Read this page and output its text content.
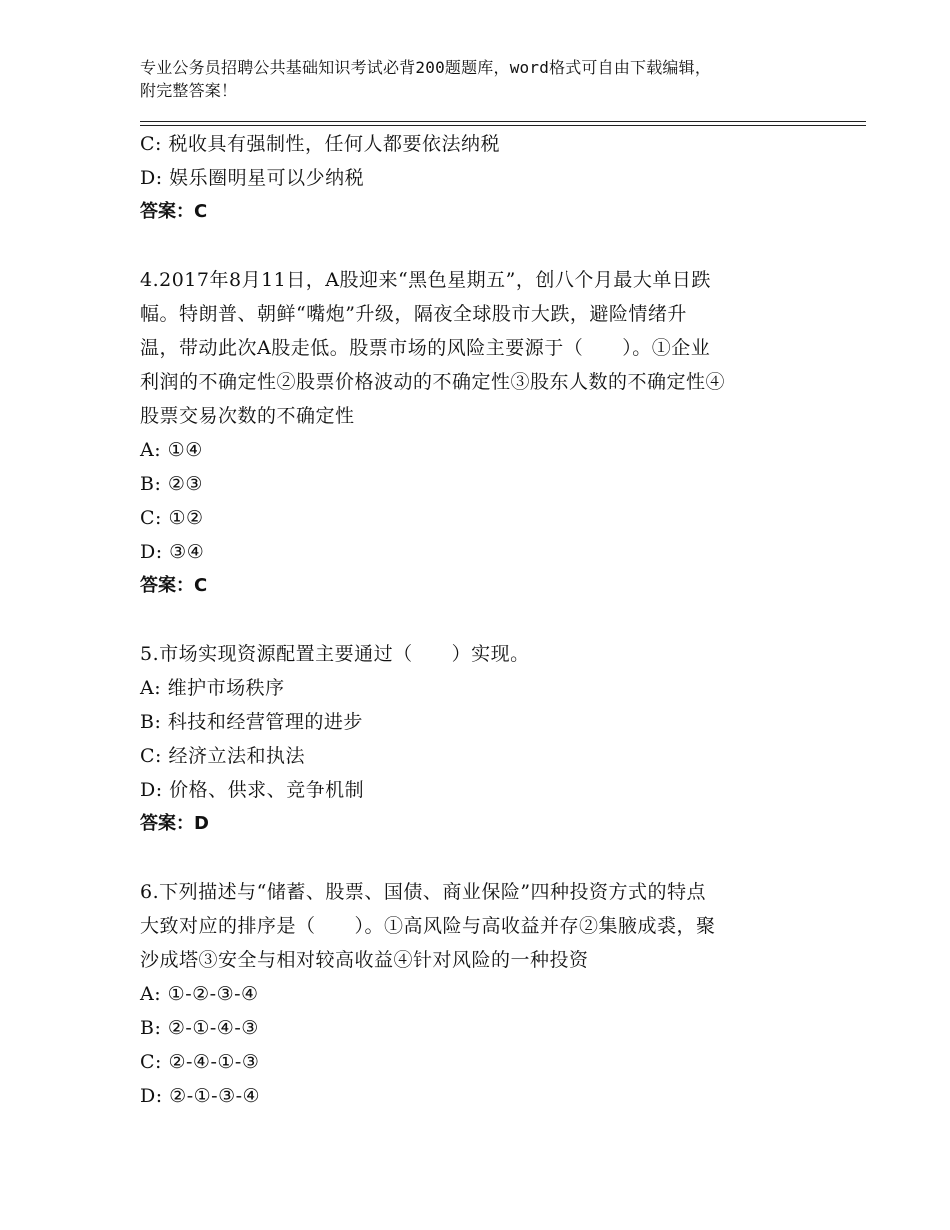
专业公务员招聘公共基础知识考试必背200题题库，word格式可自由下载编辑，
附完整答案！
C: 税收具有强制性，任何人都要依法纳税
D: 娱乐圈明星可以少纳税
答案：C
4.2017年8月11日，A股迎来“黑色星期五”，创八个月最大单日跌
幅。特朗普、朝鲜“嘴炮”升级，隔夜全球股市大跌，避险情绪升
温，带动此次A股走低。股票市场的风险主要源于（　　）。①企业
利润的不确定性②股票价格波动的不确定性③股东人数的不确定性④
股票交易次数的不确定性
A: ①④
B: ②③
C: ①②
D: ③④
答案：C
5.市场实现资源配置主要通过（　　）实现。
A: 维护市场秩序
B: 科技和经营管理的进步
C: 经济立法和执法
D: 价格、供求、竞争机制
答案：D
6.下列描述与“储蓄、股票、国债、商业保险”四种投资方式的特点
大致对应的排序是（　　）。①高风险与高收益并存②集腋成裘，聚
沙成塔③安全与相对较高收益④针对风险的一种投资
A: ①-②-③-④
B: ②-①-④-③
C: ②-④-①-③
D: ②-①-③-④
